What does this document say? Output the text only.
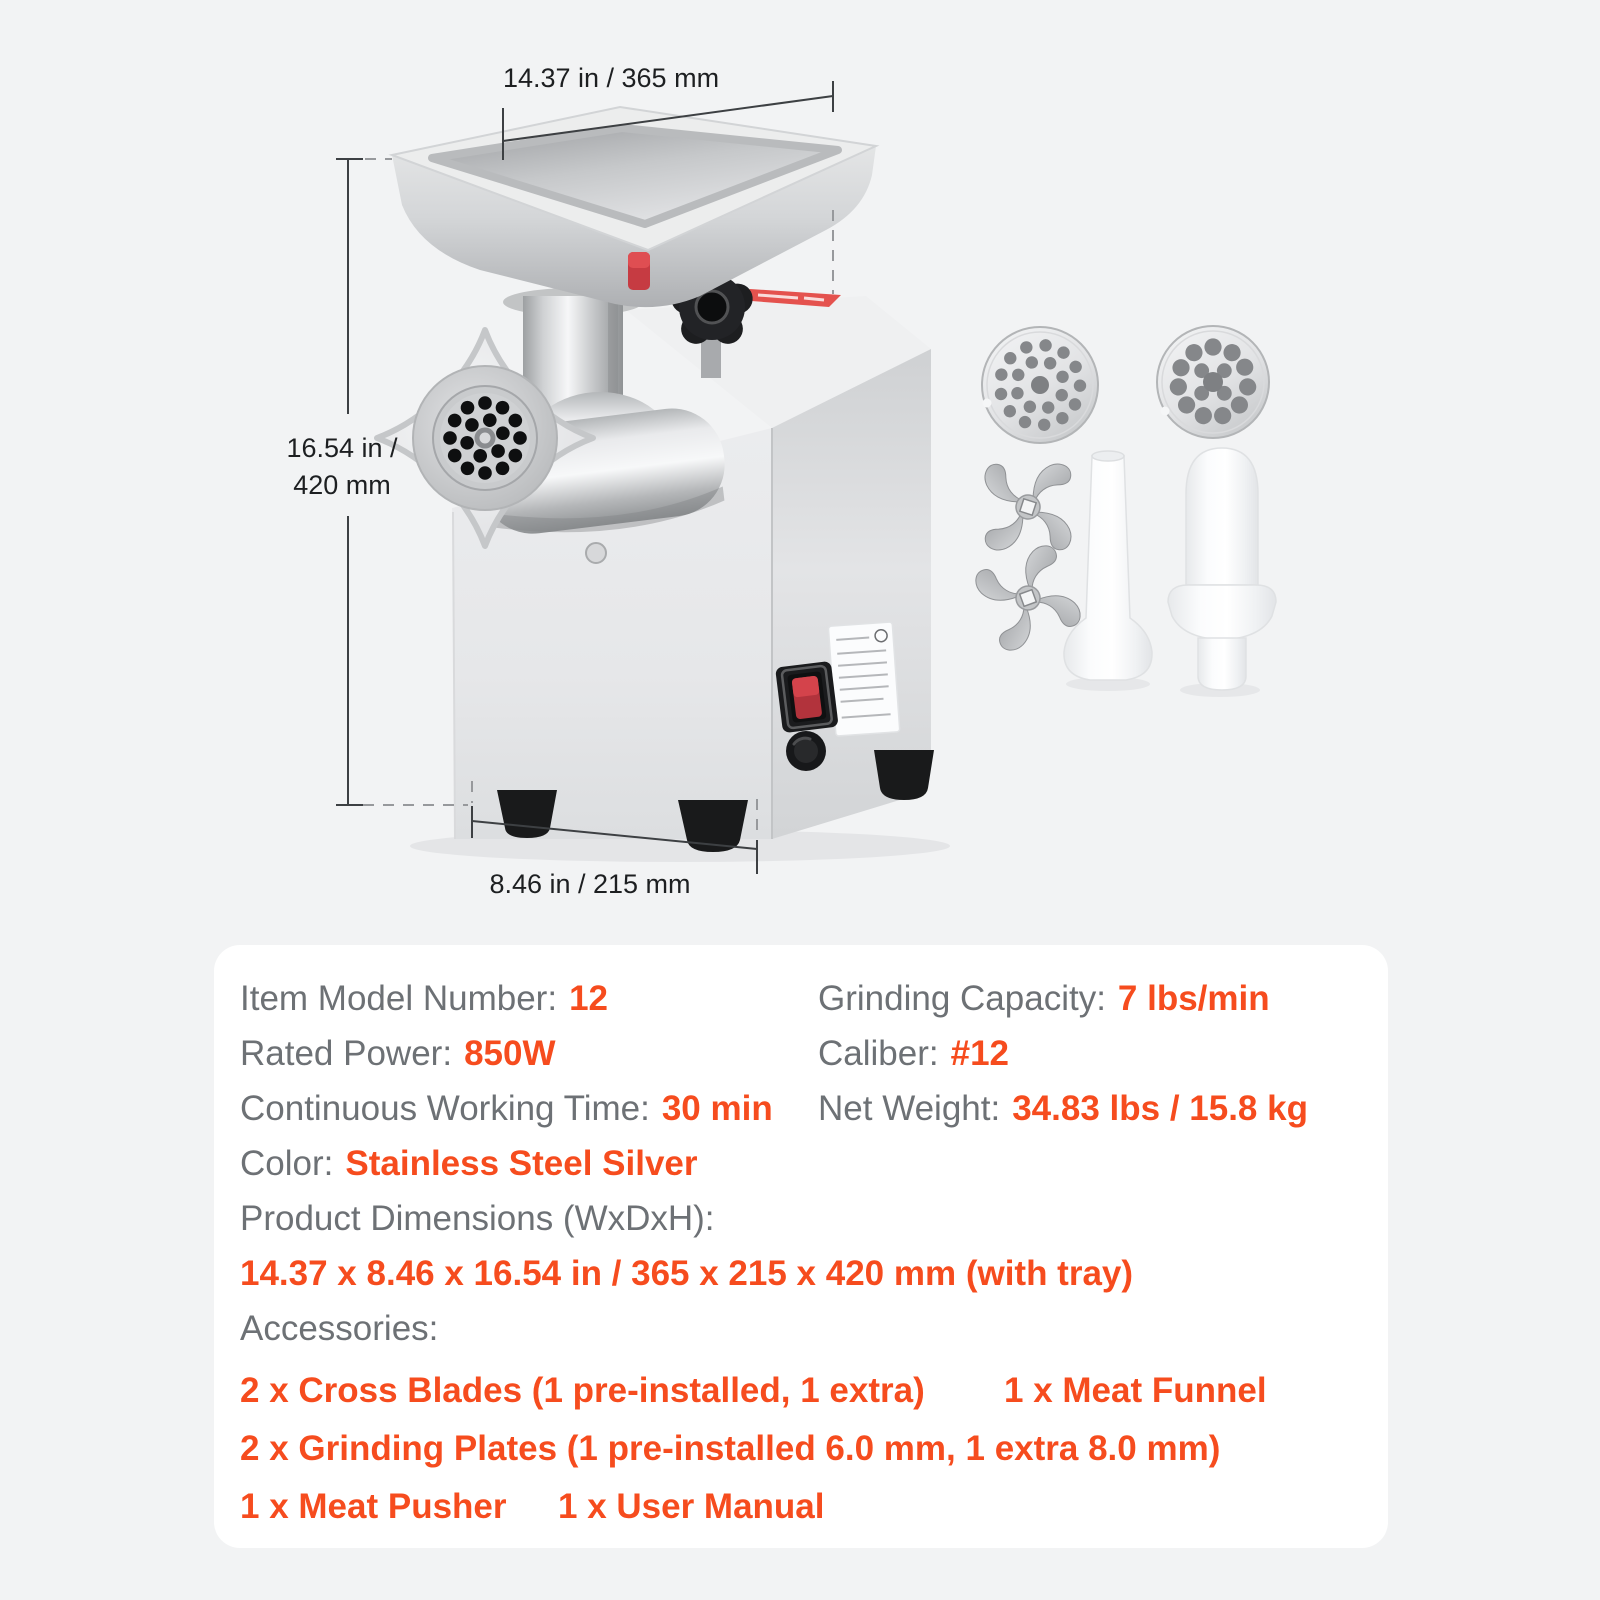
14.37 in / 365 mm
16.54 in /
420 mm
8.46 in / 215 mm
Item Model Number: 12
Rated Power: 850W
Continuous Working Time: 30 min
Color: Stainless Steel Silver
Grinding Capacity: 7 lbs/min
Caliber: #12
Net Weight: 34.83 lbs / 15.8 kg
Product Dimensions (WxDxH):
14.37 x 8.46 x 16.54 in / 365 x 215 x 420 mm (with tray)
Accessories:
2 x Cross Blades (1 pre-installed, 1 extra) 1 x Meat Funnel
2 x Grinding Plates (1 pre-installed 6.0 mm, 1 extra 8.0 mm)
1 x Meat Pusher 1 x User Manual
